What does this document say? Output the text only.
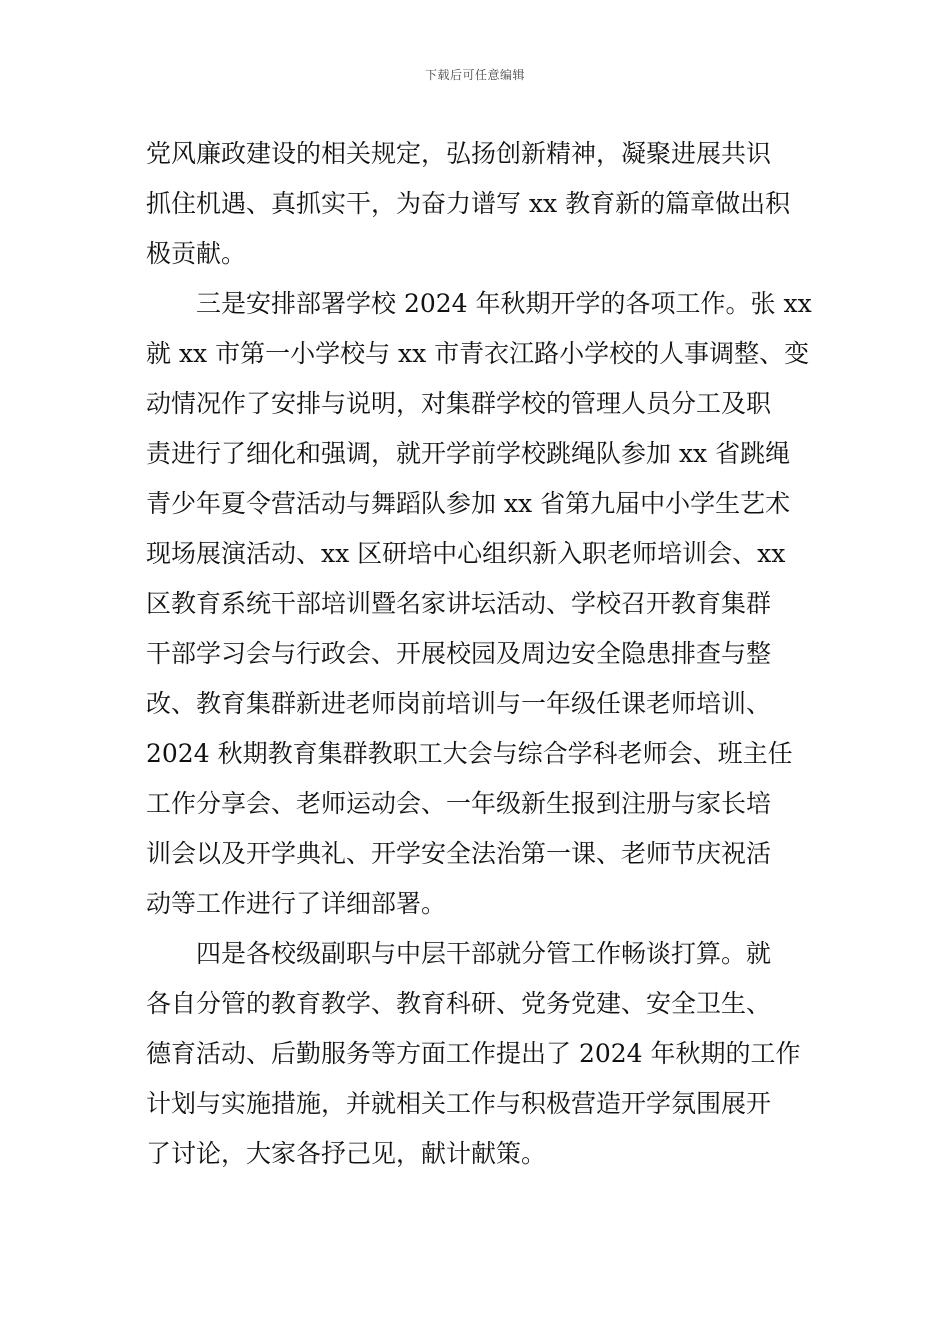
下载后可任意编辑
党风廉政建设的相关规定，弘扬创新精神，凝聚进展共识
抓住机遇、真抓实干，为奋力谱写 xx 教育新的篇章做出积
极贡献。
三是安排部署学校 2024 年秋期开学的各项工作。张 xx
就 xx 市第一小学校与 xx 市青衣江路小学校的人事调整、变
动情况作了安排与说明，对集群学校的管理人员分工及职
责进行了细化和强调，就开学前学校跳绳队参加 xx 省跳绳
青少年夏令营活动与舞蹈队参加 xx 省第九届中小学生艺术
现场展演活动、xx 区研培中心组织新入职老师培训会、xx
区教育系统干部培训暨名家讲坛活动、学校召开教育集群
干部学习会与行政会、开展校园及周边安全隐患排查与整
改、教育集群新进老师岗前培训与一年级任课老师培训、
2024 秋期教育集群教职工大会与综合学科老师会、班主任
工作分享会、老师运动会、一年级新生报到注册与家长培
训会以及开学典礼、开学安全法治第一课、老师节庆祝活
动等工作进行了详细部署。
四是各校级副职与中层干部就分管工作畅谈打算。就
各自分管的教育教学、教育科研、党务党建、安全卫生、
德育活动、后勤服务等方面工作提出了 2024 年秋期的工作
计划与实施措施，并就相关工作与积极营造开学氛围展开
了讨论，大家各抒己见，献计献策。
